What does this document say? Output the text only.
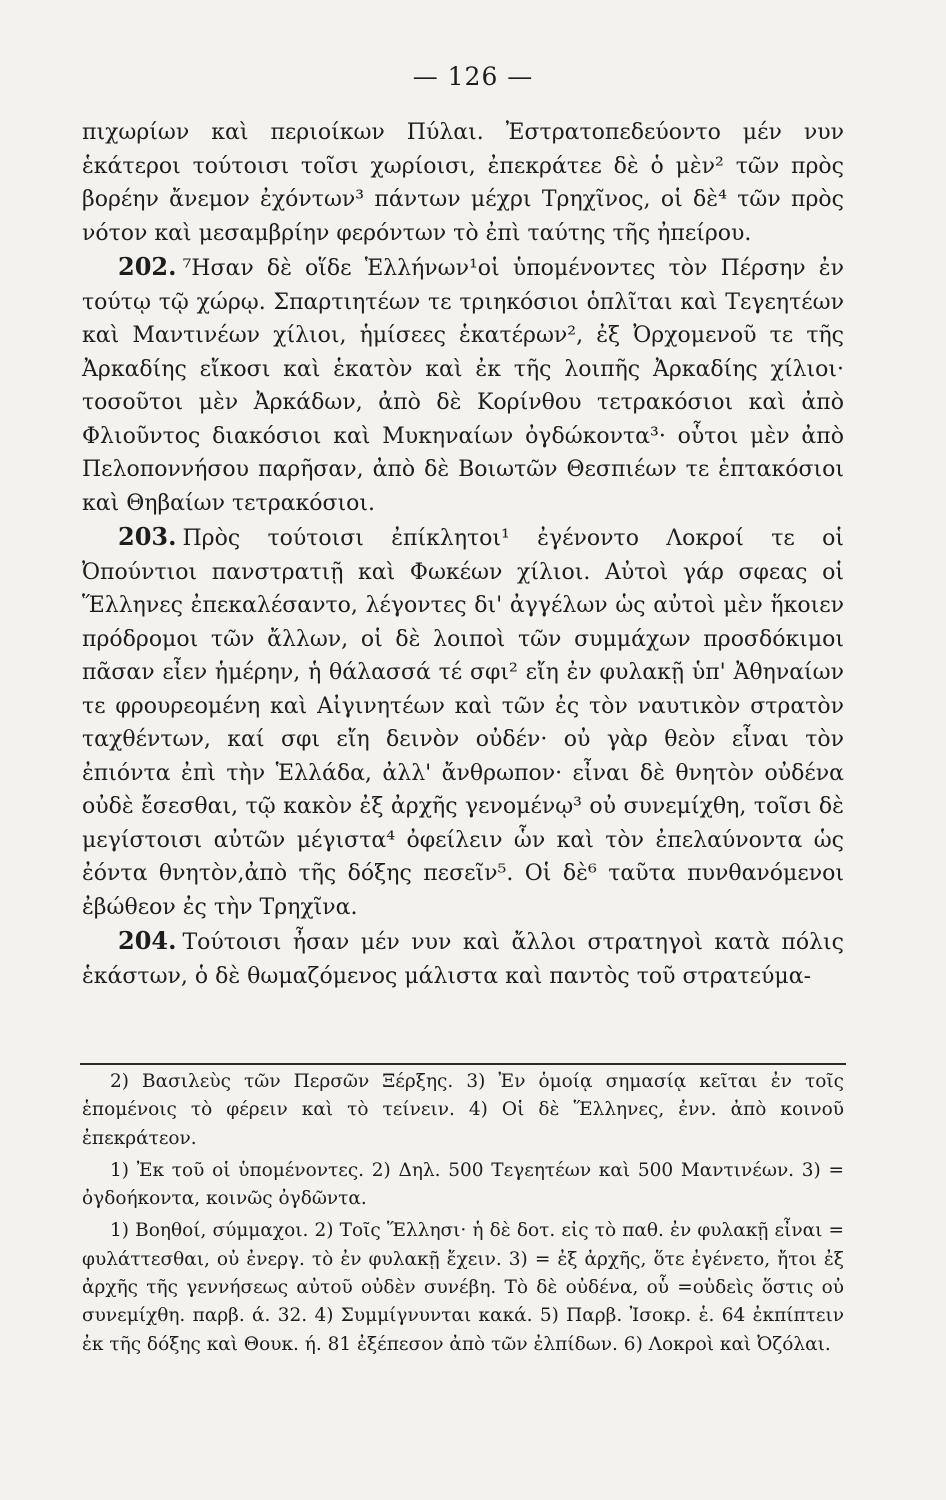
— 126 —

πιχωρίων καὶ περιοίκων Πύλαι. Ἐστρατοπεδεύοντο μέν νυν ἑκάτεροι τούτοισι τοῖσι χωρίοισι, ἐπεκράτεε δὲ ὁ μὲν² τῶν πρὸς βορέην ἄνεμον ἐχόντων³ πάντων μέχρι Τρηχῖνος, οἱ δὲ⁴ τῶν πρὸς νότον καὶ μεσαμβρίην φερόντων τὸ ἐπὶ ταύτης τῆς ἠπείρου.

202. ⁷Ησαν δὲ οἵδε Ἑλλήνων¹οἱ ὑπομένοντες τὸν Πέρσην ἐν τούτῳ τῷ χώρῳ. Σπαρτιητέων τε τριηκόσιοι ὁπλῖται καὶ Τεγεητέων καὶ Μαντινέων χίλιοι, ἡμίσεες ἑκατέρων², ἐξ Ὀρχομενοῦ τε τῆς Ἀρκαδίης εἴκοσι καὶ ἑκατὸν καὶ ἐκ τῆς λοιπῆς Ἀρκαδίης χίλιοι· τοσοῦτοι μὲν Ἀρκάδων, ἀπὸ δὲ Κορίνθου τετρακόσιοι καὶ ἀπὸ Φλιοῦντος διακόσιοι καὶ Μυκηναίων ὀγδώκοντα³· οὗτοι μὲν ἀπὸ Πελοποννήσου παρῆσαν, ἀπὸ δὲ Βοιωτῶν Θεσπιέων τε ἑπτακόσιοι καὶ Θηβαίων τετρακόσιοι.

203. Πρὸς τούτοισι ἐπίκλητοι¹ ἐγένοντο Λοκροί τε οἱ Ὀπούντιοι πανστρατιῇ καὶ Φωκέων χίλιοι. Αὐτοὶ γάρ σφεας οἱ Ἕλληνες ἐπεκαλέσαντο, λέγοντες δι' ἀγγέλων ὡς αὐτοὶ μὲν ἥκοιεν πρόδρομοι τῶν ἄλλων, οἱ δὲ λοιποὶ τῶν συμμάχων προσδόκιμοι πᾶσαν εἶεν ἡμέρην, ἡ θάλασσά τέ σφι² εἴη ἐν φυλακῇ ὑπ' Ἀθηναίων τε φρουρεομένη καὶ Αἰγινητέων καὶ τῶν ἐς τὸν ναυτικὸν στρατὸν ταχθέντων, καί σφι εἴη δεινὸν οὐδέν· οὐ γὰρ θεὸν εἶναι τὸν ἐπιόντα ἐπὶ τὴν Ἑλλάδα, ἀλλ' ἄνθρωπον· εἶναι δὲ θνητὸν οὐδένα οὐδὲ ἔσεσθαι, τῷ κακὸν ἐξ ἀρχῆς γενομένῳ³ οὐ συνεμίχθη, τοῖσι δὲ μεγίστοισι αὐτῶν μέγιστα⁴ ὀφείλειν ὧν καὶ τὸν ἐπελαύνοντα ὡς ἐόντα θνητὸν,ἀπὸ τῆς δόξης πεσεῖν⁵. Οἱ δὲ⁶ ταῦτα πυνθανόμενοι ἐβώθεον ἐς τὴν Τρηχῖνα.

204. Τούτοισι ἦσαν μέν νυν καὶ ἄλλοι στρατηγοὶ κατὰ πόλις ἑκάστων, ὁ δὲ θωμαζόμενος μάλιστα καὶ παντὸς τοῦ στρατεύμα-

2) Βασιλεὺς τῶν Περσῶν Ξέρξης. 3) Ἐν ὁμοίᾳ σημασίᾳ κεῖται ἐν τοῖς ἑπομένοις τὸ φέρειν καὶ τὸ τείνειν. 4) Οἱ δὲ Ἕλληνες, ἐνν. ἀπὸ κοινοῦ ἐπεκράτεον.

1) Ἐκ τοῦ οἱ ὑπομένοντες. 2) Δηλ. 500 Τεγεητέων καὶ 500 Μαντινέων. 3) = ὀγδοήκοντα, κοινῶς ὀγδῶντα.

1) Βοηθοί, σύμμαχοι. 2) Τοῖς Ἕλλησι· ἡ δὲ δοτ. εἰς τὸ παθ. ἐν φυλακῇ εἶναι = φυλάττεσθαι, οὐ ἐνεργ. τὸ ἐν φυλακῇ ἔχειν. 3) = ἐξ ἀρχῆς, ὅτε ἐγένετο, ἤτοι ἐξ ἀρχῆς τῆς γεννήσεως αὐτοῦ οὐδὲν συνέβη. Τὸ δὲ οὐδένα, οὗ =οὐδεὶς ὅστις οὐ συνεμίχθη. παρβ. ά. 32. 4) Συμμίγνυνται κακά. 5) Παρβ. Ἰσοκρ. ἑ. 64 ἐκπίπτειν ἐκ τῆς δόξης καὶ Θουκ. ή. 81 ἐξέπεσον ἀπὸ τῶν ἐλπίδων. 6) Λοκροὶ καὶ Ὀζόλαι.
